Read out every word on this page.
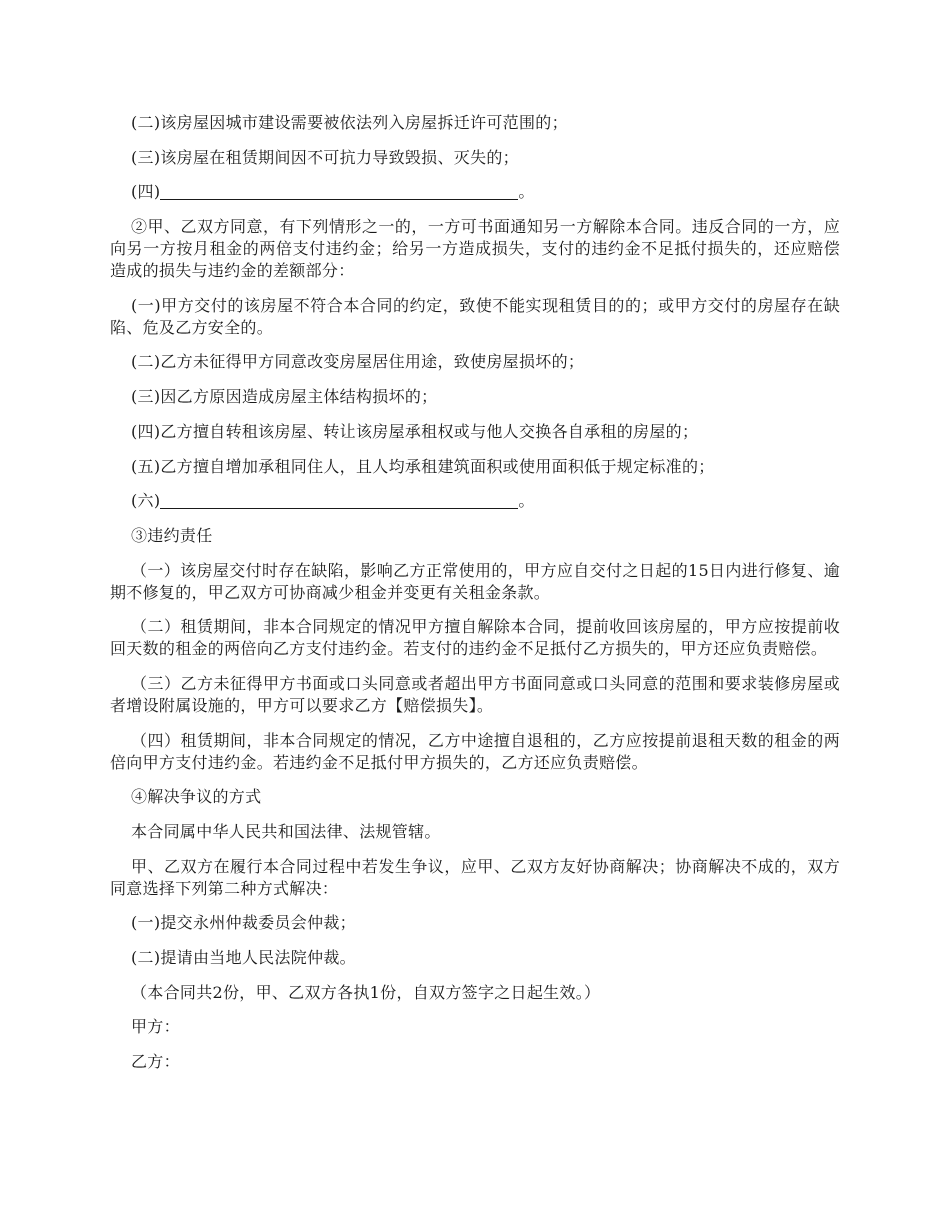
(二)该房屋因城市建设需要被依法列入房屋拆迁许可范围的；

(三)该房屋在租赁期间因不可抗力导致毁损、灭失的；

(四)	。

②甲、乙双方同意，有下列情形之一的，一方可书面通知另一方解除本合同。违反合同的一方，应向另一方按月租金的两倍支付违约金；给另一方造成损失，支付的违约金不足抵付损失的，还应赔偿造成的损失与违约金的差额部分：

(一)甲方交付的该房屋不符合本合同的约定，致使不能实现租赁目的的；或甲方交付的房屋存在缺陷、危及乙方安全的。

(二)乙方未征得甲方同意改变房屋居住用途，致使房屋损坏的；

(三)因乙方原因造成房屋主体结构损坏的；

(四)乙方擅自转租该房屋、转让该房屋承租权或与他人交换各自承租的房屋的；

(五)乙方擅自增加承租同住人，且人均承租建筑面积或使用面积低于规定标准的；

(六)	。

③违约责任

（一）该房屋交付时存在缺陷，影响乙方正常使用的，甲方应自交付之日起的15日内进行修复、逾期不修复的，甲乙双方可协商减少租金并变更有关租金条款。

（二）租赁期间，非本合同规定的情况甲方擅自解除本合同，提前收回该房屋的，甲方应按提前收回天数的租金的两倍向乙方支付违约金。若支付的违约金不足抵付乙方损失的，甲方还应负责赔偿。

（三）乙方未征得甲方书面或口头同意或者超出甲方书面同意或口头同意的范围和要求装修房屋或者增设附属设施的，甲方可以要求乙方【赔偿损失】。

（四）租赁期间，非本合同规定的情况，乙方中途擅自退租的，乙方应按提前退租天数的租金的两倍向甲方支付违约金。若违约金不足抵付甲方损失的，乙方还应负责赔偿。

④解决争议的方式

本合同属中华人民共和国法律、法规管辖。

甲、乙双方在履行本合同过程中若发生争议，应甲、乙双方友好协商解决；协商解决不成的，双方同意选择下列第二种方式解决：

(一)提交永州仲裁委员会仲裁；

(二)提请由当地人民法院仲裁。

（本合同共2份，甲、乙双方各执1份，自双方签字之日起生效。）

甲方：

乙方：
